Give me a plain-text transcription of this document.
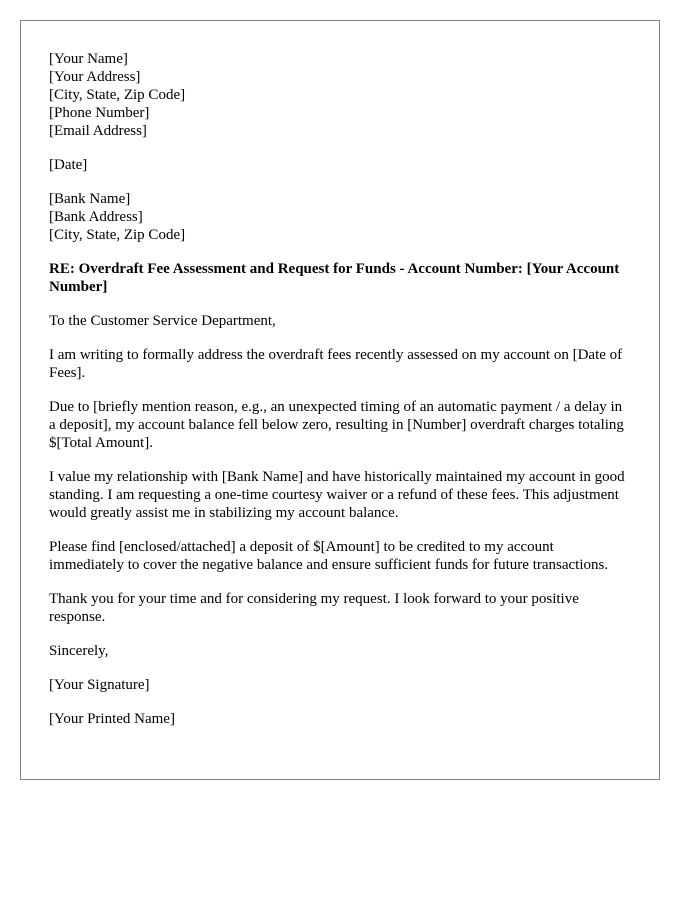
[Your Name]
[Your Address]
[City, State, Zip Code]
[Phone Number]
[Email Address]
[Date]
[Bank Name]
[Bank Address]
[City, State, Zip Code]

RE: Overdraft Fee Assessment and Request for Funds - Account Number: [Your Account Number]

To the Customer Service Department,

I am writing to formally address the overdraft fees recently assessed on my account on [Date of Fees].

Due to [briefly mention reason, e.g., an unexpected timing of an automatic payment / a delay in a deposit], my account balance fell below zero, resulting in [Number] overdraft charges totaling $[Total Amount].

I value my relationship with [Bank Name] and have historically maintained my account in good standing. I am requesting a one-time courtesy waiver or a refund of these fees. This adjustment would greatly assist me in stabilizing my account balance.

Please find [enclosed/attached] a deposit of $[Amount] to be credited to my account immediately to cover the negative balance and ensure sufficient funds for future transactions.

Thank you for your time and for considering my request. I look forward to your positive response.

Sincerely,

[Your Signature]

[Your Printed Name]
